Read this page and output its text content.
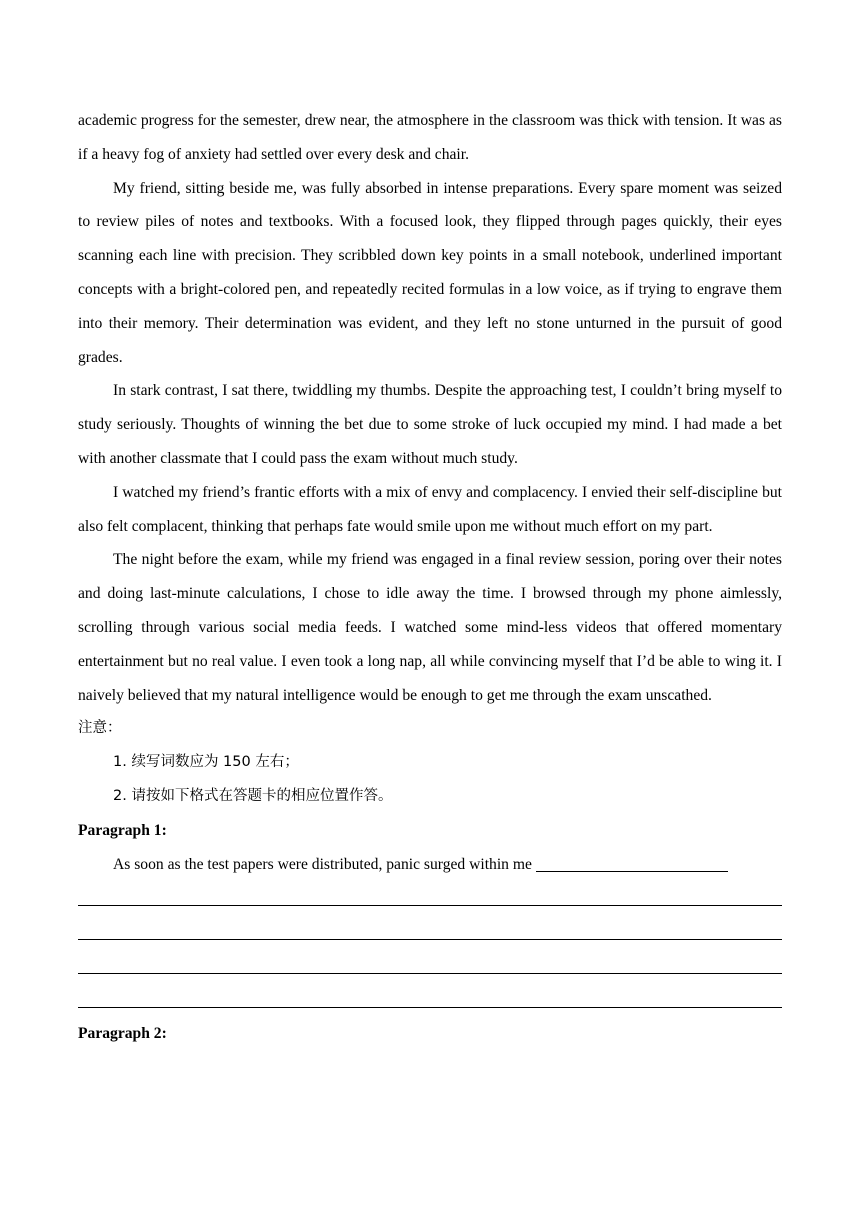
academic progress for the semester, drew near, the atmosphere in the classroom was thick with tension. It was as if a heavy fog of anxiety had settled over every desk and chair.

My friend, sitting beside me, was fully absorbed in intense preparations. Every spare moment was seized to review piles of notes and textbooks. With a focused look, they flipped through pages quickly, their eyes scanning each line with precision. They scribbled down key points in a small notebook, underlined important concepts with a bright-colored pen, and repeatedly recited formulas in a low voice, as if trying to engrave them into their memory. Their determination was evident, and they left no stone unturned in the pursuit of good grades.

In stark contrast, I sat there, twiddling my thumbs. Despite the approaching test, I couldn’t bring myself to study seriously. Thoughts of winning the bet due to some stroke of luck occupied my mind. I had made a bet with another classmate that I could pass the exam without much study.

I watched my friend’s frantic efforts with a mix of envy and complacency. I envied their self-discipline but also felt complacent, thinking that perhaps fate would smile upon me without much effort on my part.

The night before the exam, while my friend was engaged in a final review session, poring over their notes and doing last-minute calculations, I chose to idle away the time. I browsed through my phone aimlessly, scrolling through various social media feeds. I watched some mind-less videos that offered momentary entertainment but no real value. I even took a long nap, all while convincing myself that I’d be able to wing it. I naively believed that my natural intelligence would be enough to get me through the exam unscathed.

注意：

1. 续写词数应为 150 左右；

2. 请按如下格式在答题卡的相应位置作答。

Paragraph 1:

As soon as the test papers were distributed, panic surged within me

Paragraph 2:
